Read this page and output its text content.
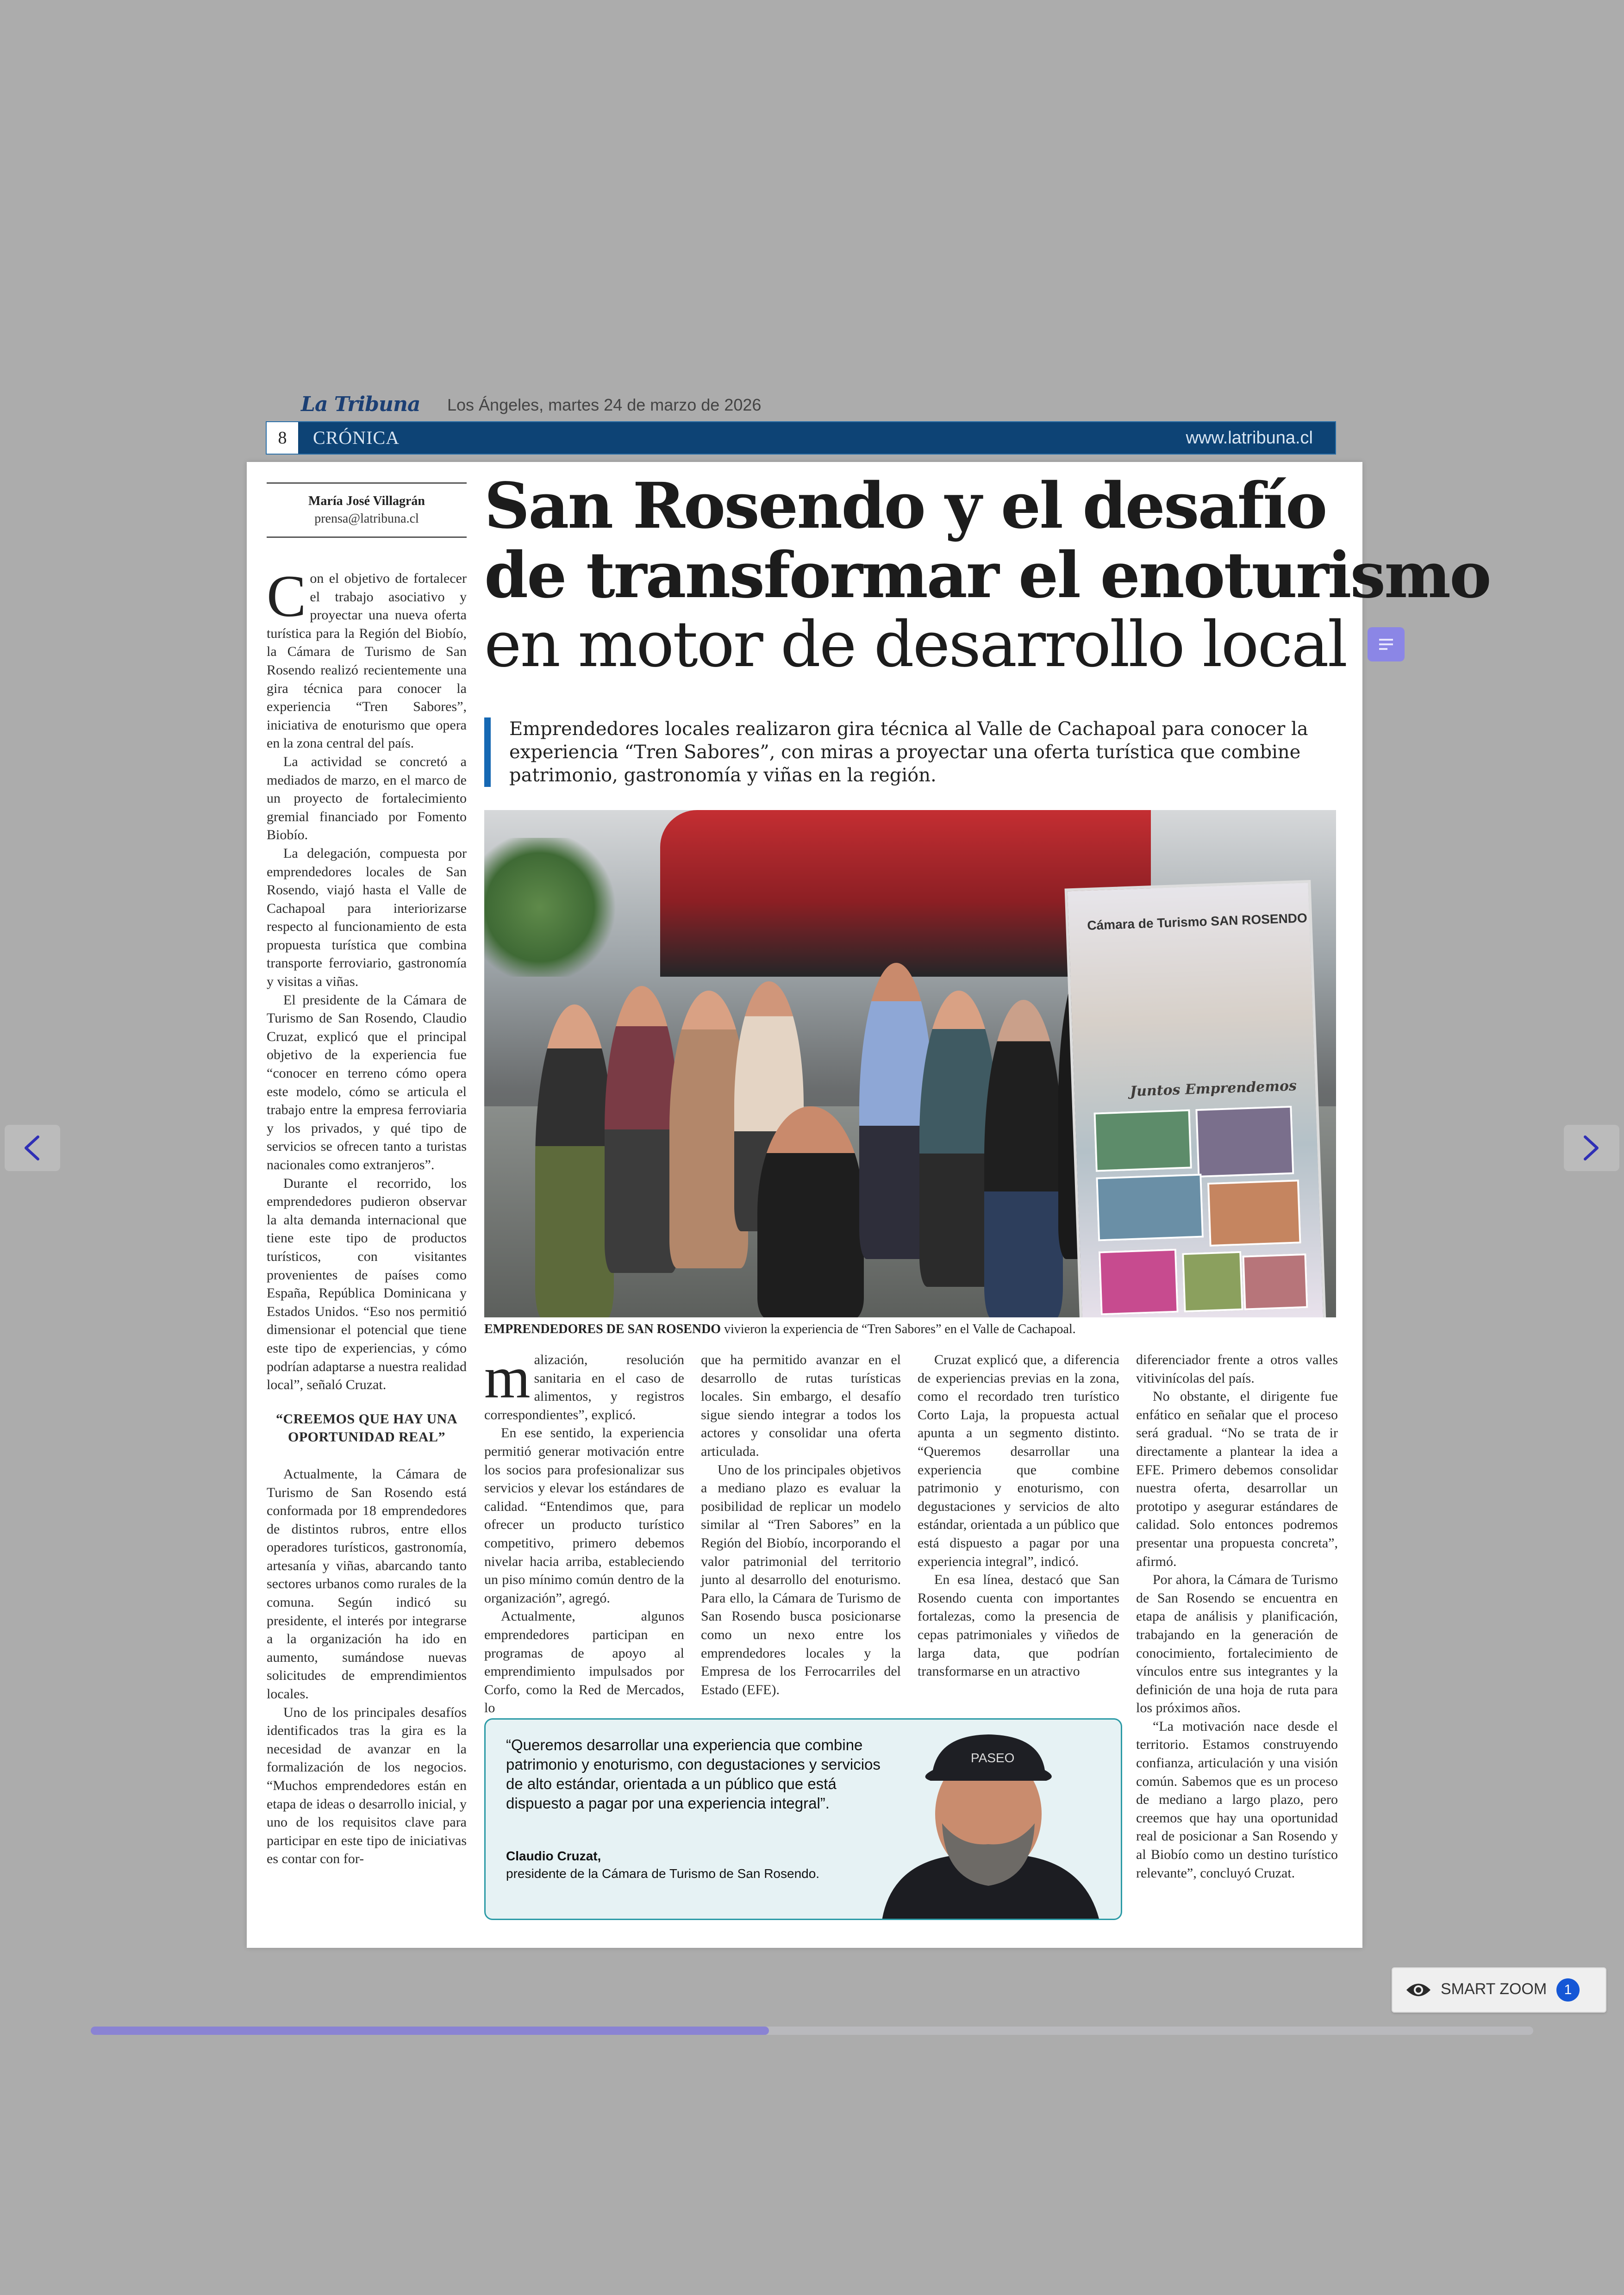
La Tribuna Los Ángeles, martes 24 de marzo de 2026
8	CRÓNICA	www.latribuna.cl
María José Villagrán
prensa@latribuna.cl	San Rosendo y el desafío
de transformar el enoturismo
en motor de desarrollo local
Emprendedores locales realizaron gira técnica al Valle de Cachapoal para conocer la experiencia “Tren Sabores”, con miras a proyectar una oferta turística que combine patrimonio, gastronomía y viñas en la región.

Con el objetivo de fortalecer el trabajo asociativo y proyectar una nueva oferta turística para la Región del Biobío, la Cámara de Turismo de San Rosendo realizó recientemente una gira técnica para conocer la experiencia “Tren Sabores”, iniciativa de enoturismo que opera en la zona central del país.

La actividad se concretó a mediados de marzo, en el marco de un proyecto de fortalecimiento gremial financiado por Fomento Biobío.

La delegación, compuesta por emprendedores locales de San Rosendo, viajó hasta el Valle de Cachapoal para interiorizarse respecto al funcionamiento de esta propuesta turística que combina transporte ferroviario, gastronomía y visitas a viñas.

El presidente de la Cámara de Turismo de San Rosendo, Claudio Cruzat, explicó que el principal objetivo de la experiencia fue “conocer en terreno cómo opera este modelo, cómo se articula el trabajo entre la empresa ferroviaria y los privados, y qué tipo de servicios se ofrecen tanto a turistas nacionales como extranjeros”.

Durante el recorrido, los emprendedores pudieron observar la alta demanda internacional que tiene este tipo de productos turísticos, con visitantes provenientes de países como España, República Dominicana y Estados Unidos. “Eso nos permitió dimensionar el potencial que tiene este tipo de experiencias, y cómo podrían adaptarse a nuestra realidad local”, señaló Cruzat.

“CREEMOS QUE HAY UNA OPORTUNIDAD REAL”

Actualmente, la Cámara de Turismo de San Rosendo está conformada por 18 emprendedores de distintos rubros, entre ellos operadores turísticos, gastronomía, artesanía y viñas, abarcando tanto sectores urbanos como rurales de la comuna. Según indicó su presidente, el interés por integrarse a la organización ha ido en aumento, sumándose nuevas solicitudes de emprendimientos locales.

Uno de los principales desafíos identificados tras la gira es la necesidad de avanzar en la formalización de los negocios. “Muchos emprendedores están en etapa de ideas o desarrollo inicial, y uno de los requisitos clave para participar en este tipo de iniciativas es contar con for-

Cámara de Turismo SAN ROSENDO
Juntos Emprendemos
EMPRENDEDORES DE SAN ROSENDO vivieron la experiencia de “Tren Sabores” en el Valle de Cachapoal.

malización, resolución sanitaria en el caso de alimentos, y registros correspondientes”, explicó.

En ese sentido, la experiencia permitió generar motivación entre los socios para profesionalizar sus servicios y elevar los estándares de calidad. “Entendimos que, para ofrecer un producto turístico competitivo, primero debemos nivelar hacia arriba, estableciendo un piso mínimo común dentro de la organización”, agregó.

Actualmente, algunos emprendedores participan en programas de apoyo al emprendimiento impulsados por Corfo, como la Red de Mercados, lo

que ha permitido avanzar en el desarrollo de rutas turísticas locales. Sin embargo, el desafío sigue siendo integrar a todos los actores y consolidar una oferta articulada.

Uno de los principales objetivos a mediano plazo es evaluar la posibilidad de replicar un modelo similar al “Tren Sabores” en la Región del Biobío, incorporando el valor patrimonial del territorio junto al desarrollo del enoturismo. Para ello, la Cámara de Turismo de San Rosendo busca posicionarse como un nexo entre los emprendedores locales y la Empresa de los Ferrocarriles del Estado (EFE).

Cruzat explicó que, a diferencia de experiencias previas en la zona, como el recordado tren turístico Corto Laja, la propuesta actual apunta a un segmento distinto. “Queremos desarrollar una experiencia que combine patrimonio y enoturismo, con degustaciones y servicios de alto estándar, orientada a un público que está dispuesto a pagar por una experiencia integral”, indicó.

En esa línea, destacó que San Rosendo cuenta con importantes fortalezas, como la presencia de cepas patrimoniales y viñedos de larga data, que podrían transformarse en un atractivo

diferenciador frente a otros valles vitivinícolas del país.

No obstante, el dirigente fue enfático en señalar que el proceso será gradual. “No se trata de ir directamente a plantear la idea a EFE. Primero debemos consolidar nuestra oferta, desarrollar un prototipo y asegurar estándares de calidad. Solo entonces podremos presentar una propuesta concreta”, afirmó.

Por ahora, la Cámara de Turismo de San Rosendo se encuentra en etapa de análisis y planificación, trabajando en la generación de conocimiento, fortalecimiento de vínculos entre sus integrantes y la definición de una hoja de ruta para los próximos años.

“La motivación nace desde el territorio. Estamos construyendo confianza, articulación y una visión común. Sabemos que es un proceso de mediano a largo plazo, pero creemos que hay una oportunidad real de posicionar a San Rosendo y al Biobío como un destino turístico relevante”, concluyó Cruzat.

“Queremos desarrollar una experiencia que combine patrimonio y enoturismo, con degustaciones y servicios de alto estándar, orientada a un público que está dispuesto a pagar por una experiencia integral”.
Claudio Cruzat,
presidente de la Cámara de Turismo de San Rosendo.
PASEO
SMART ZOOM	1
